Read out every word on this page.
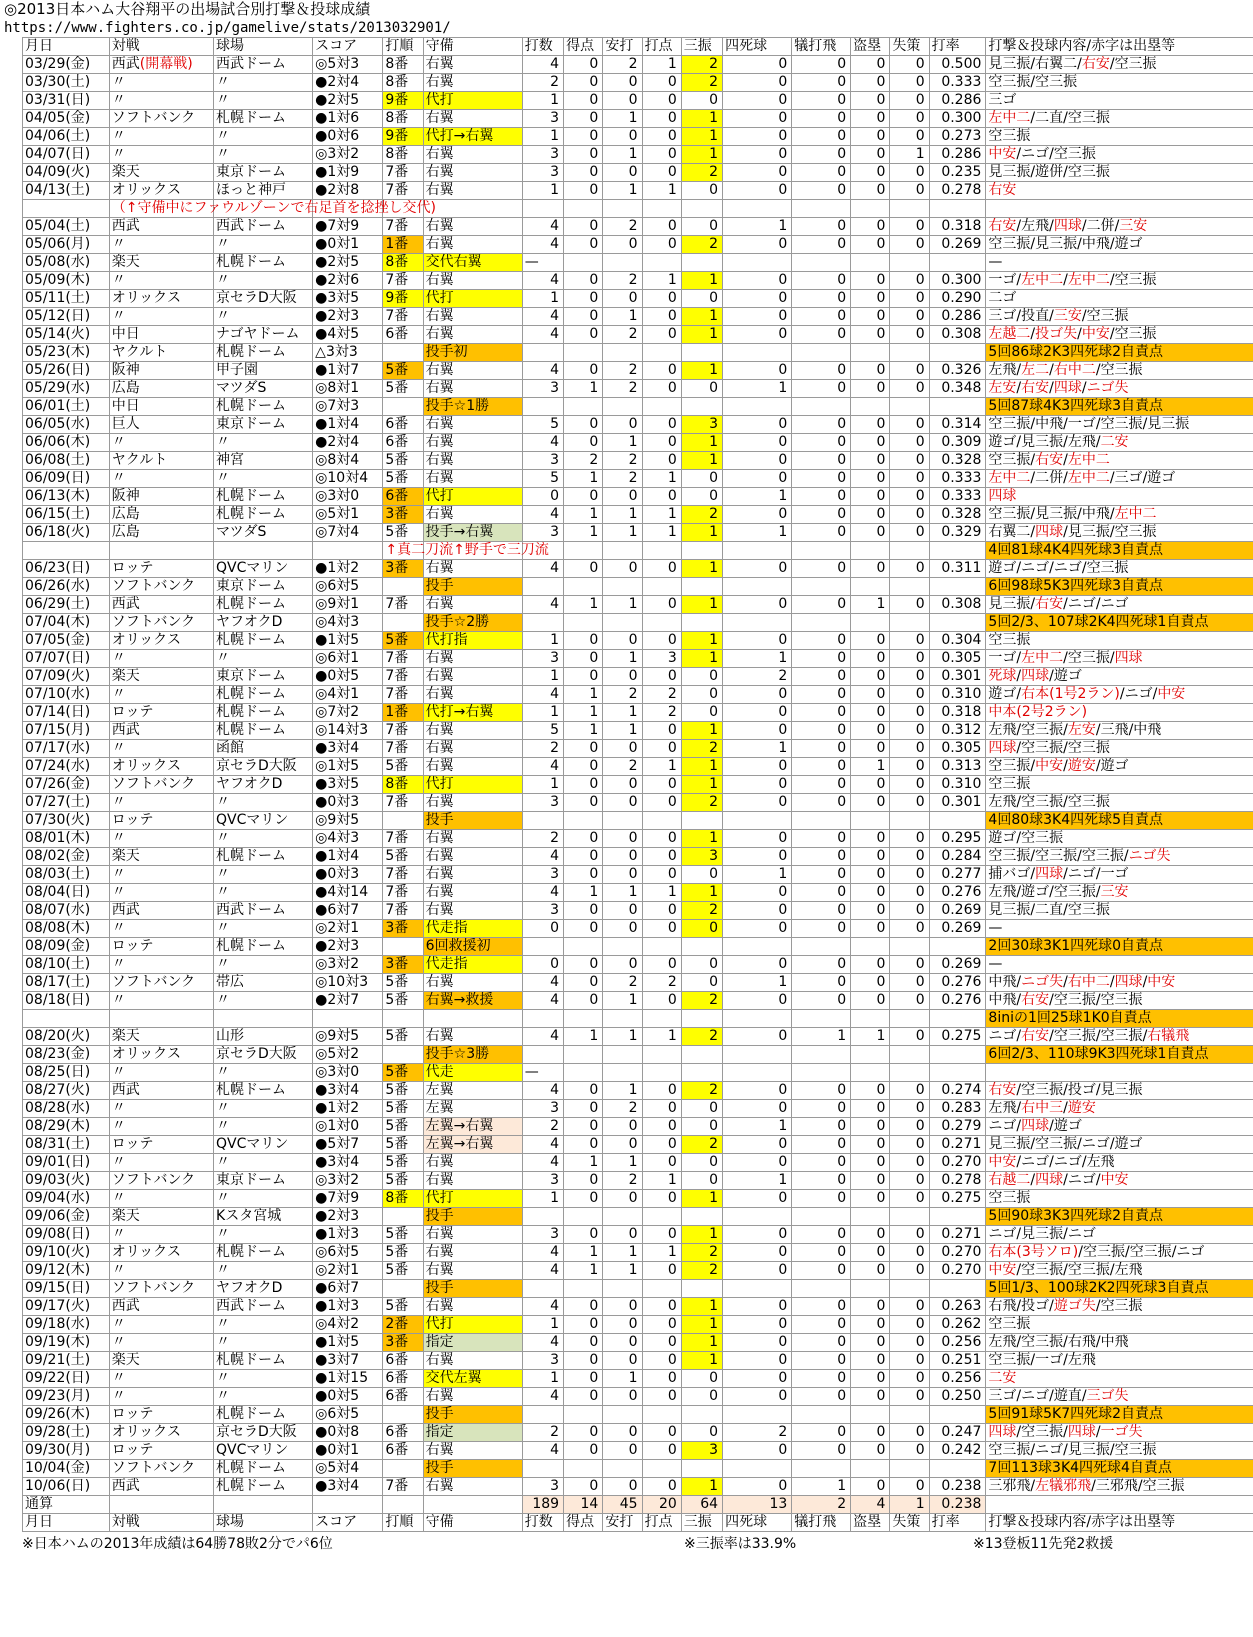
◎2013日本ハム大谷翔平の出場試合別打撃＆投球成績
https://www.fighters.co.jp/gamelive/stats/2013032901/
月日	対戦	球場	スコア	打順	守備	打数	得点	安打	打点	三振	四死球	犠打飛	盗塁	失策	打率	打撃＆投球内容/赤字は出塁等
03/29(金)	西武(開幕戦)	西武ドーム	◎5対3	8番	右翼	4	0	2	1	2	0	0	0	0	0.500	見三振/右翼二/右安/空三振
03/30(土)	〃	〃	●2対4	8番	右翼	2	0	0	0	2	0	0	0	0	0.333	空三振/空三振
03/31(日)	〃	〃	●2対5	9番	代打	1	0	0	0	0	0	0	0	0	0.286	三ゴ
04/05(金)	ソフトバンク	札幌ドーム	●1対6	8番	右翼	3	0	1	0	1	0	0	0	0	0.300	左中二/二直/空三振
04/06(土)	〃	〃	●0対6	9番	代打→右翼	1	0	0	0	1	0	0	0	0	0.273	空三振
04/07(日)	〃	〃	◎3対2	8番	右翼	3	0	1	0	1	0	0	0	1	0.286	中安/ニゴ/空三振
04/09(火)	楽天	東京ドーム	●1対9	7番	右翼	3	0	0	0	2	0	0	0	0	0.235	見三振/遊併/空三振
04/13(土)	オリックス	ほっと神戸	●2対8	7番	右翼	1	0	1	1	0	0	0	0	0	0.278	右安
	（↑守備中にファウルゾーンで右足首を捻挫し交代)															
05/04(土)	西武	西武ドーム	●7対9	7番	右翼	4	0	2	0	0	1	0	0	0	0.318	右安/左飛/四球/二併/三安
05/06(月)	〃	〃	●0対1	1番	右翼	4	0	0	0	2	0	0	0	0	0.269	空三振/見三振/中飛/遊ゴ
05/08(水)	楽天	札幌ドーム	●2対5	8番	交代右翼	—										—
05/09(木)	〃	〃	●2対6	7番	右翼	4	0	2	1	1	0	0	0	0	0.300	一ゴ/左中二/左中二/空三振
05/11(土)	オリックス	京セラD大阪	●3対5	9番	代打	1	0	0	0	0	0	0	0	0	0.290	二ゴ
05/12(日)	〃	〃	●2対3	7番	右翼	4	0	1	0	1	0	0	0	0	0.286	三ゴ/投直/三安/空三振
05/14(火)	中日	ナゴヤドーム	●4対5	6番	右翼	4	0	2	0	1	0	0	0	0	0.308	左越二/投ゴ失/中安/空三振
05/23(木)	ヤクルト	札幌ドーム	△3対3		投手初											5回86球2K3四死球2自責点
05/26(日)	阪神	甲子園	●1対7	5番	右翼	4	0	2	0	1	0	0	0	0	0.326	左飛/左二/右中二/空三振
05/29(水)	広島	マツダS	◎8対1	5番	右翼	3	1	2	0	0	1	0	0	0	0.348	左安/右安/四球/ニゴ失
06/01(土)	中日	札幌ドーム	◎7対3		投手☆1勝											5回87球4K3四死球3自責点
06/05(水)	巨人	東京ドーム	●1対4	6番	右翼	5	0	0	0	3	0	0	0	0	0.314	空三振/中飛/一ゴ/空三振/見三振
06/06(木)	〃	〃	●2対4	6番	右翼	4	0	1	0	1	0	0	0	0	0.309	遊ゴ/見三振/左飛/二安
06/08(土)	ヤクルト	神宮	◎8対4	5番	右翼	3	2	2	0	1	0	0	0	0	0.328	空三振/右安/左中二
06/09(日)	〃	〃	◎10対4	5番	右翼	5	1	2	1	0	0	0	0	0	0.333	左中二/二併/左中二/三ゴ/遊ゴ
06/13(木)	阪神	札幌ドーム	◎3対0	6番	代打	0	0	0	0	0	1	0	0	0	0.333	四球
06/15(土)	広島	札幌ドーム	◎5対1	3番	右翼	4	1	1	1	2	0	0	0	0	0.328	空三振/見三振/中飛/左中二
06/18(火)	広島	マツダS	◎7対4	5番	投手→右翼	3	1	1	1	1	1	0	0	0	0.329	右翼二/四球/見三振/空三振
				↑真二刀流↑野手で三刀流												4回81球4K4四死球3自責点
06/23(日)	ロッテ	QVCマリン	●1対2	3番	右翼	4	0	0	0	1	0	0	0	0	0.311	遊ゴ/ニゴ/ニゴ/空三振
06/26(水)	ソフトバンク	東京ドーム	◎6対5		投手											6回98球5K3四死球3自責点
06/29(土)	西武	札幌ドーム	◎9対1	7番	右翼	4	1	1	0	1	0	0	1	0	0.308	見三振/右安/ニゴ/ニゴ
07/04(木)	ソフトバンク	ヤフオクD	◎4対3		投手☆2勝											5回2/3、107球2K4四死球1自責点
07/05(金)	オリックス	札幌ドーム	●1対5	5番	代打指	1	0	0	0	1	0	0	0	0	0.304	空三振
07/07(日)	〃	〃	◎6対1	7番	右翼	3	0	1	3	1	1	0	0	0	0.305	一ゴ/左中二/空三振/四球
07/09(火)	楽天	東京ドーム	●0対5	7番	右翼	1	0	0	0	0	2	0	0	0	0.301	死球/四球/遊ゴ
07/10(水)	〃	札幌ドーム	◎4対1	7番	右翼	4	1	2	2	0	0	0	0	0	0.310	遊ゴ/右本(1号2ラン)/ニゴ/中安
07/14(日)	ロッテ	札幌ドーム	◎7対2	1番	代打→右翼	1	1	1	2	0	0	0	0	0	0.318	中本(2号2ラン)
07/15(月)	西武	札幌ドーム	◎14対3	7番	右翼	5	1	1	0	1	0	0	0	0	0.312	左飛/空三振/左安/三飛/中飛
07/17(水)	〃	函館	●3対4	7番	右翼	2	0	0	0	2	1	0	0	0	0.305	四球/空三振/空三振
07/24(水)	オリックス	京セラD大阪	◎1対5	5番	右翼	4	0	2	1	1	0	0	1	0	0.313	空三振/中安/遊安/遊ゴ
07/26(金)	ソフトバンク	ヤフオクD	●3対5	8番	代打	1	0	0	0	1	0	0	0	0	0.310	空三振
07/27(土)	〃	〃	●0対3	7番	右翼	3	0	0	0	2	0	0	0	0	0.301	左飛/空三振/空三振
07/30(火)	ロッテ	QVCマリン	◎9対5		投手											4回80球3K4四死球5自責点
08/01(木)	〃	〃	◎4対3	7番	右翼	2	0	0	0	1	0	0	0	0	0.295	遊ゴ/空三振
08/02(金)	楽天	札幌ドーム	●1対4	5番	右翼	4	0	0	0	3	0	0	0	0	0.284	空三振/空三振/空三振/ニゴ失
08/03(土)	〃	〃	●0対3	7番	右翼	3	0	0	0	0	1	0	0	0	0.277	捕バゴ/四球/ニゴ/一ゴ
08/04(日)	〃	〃	●4対14	7番	右翼	4	1	1	1	1	0	0	0	0	0.276	左飛/遊ゴ/空三振/三安
08/07(水)	西武	西武ドーム	●6対7	7番	右翼	3	0	0	0	2	0	0	0	0	0.269	見三振/二直/空三振
08/08(木)	〃	〃	◎2対1	3番	代走指	0	0	0	0	0	0	0	0	0	0.269	—
08/09(金)	ロッテ	札幌ドーム	●2対3		6回救援初											2回30球3K1四死球0自責点
08/10(土)	〃	〃	◎3対2	3番	代走指	0	0	0	0	0	0	0	0	0	0.269	—
08/17(土)	ソフトバンク	帯広	◎10対3	5番	右翼	4	0	2	2	0	1	0	0	0	0.276	中飛/ニゴ失/右中二/四球/中安
08/18(日)	〃	〃	●2対7	5番	右翼→救援	4	0	1	0	2	0	0	0	0	0.276	中飛/右安/空三振/空三振
																8iniの1回25球1K0自責点
08/20(火)	楽天	山形	◎9対5	5番	右翼	4	1	1	1	2	0	1	1	0	0.275	ニゴ/右安/空三振/空三振/右犠飛
08/23(金)	オリックス	京セラD大阪	◎5対2		投手☆3勝											6回2/3、110球9K3四死球1自責点
08/25(日)	〃	〃	◎3対0	5番	代走	—										
08/27(火)	西武	札幌ドーム	●3対4	5番	左翼	4	0	1	0	2	0	0	0	0	0.274	右安/空三振/投ゴ/見三振
08/28(水)	〃	〃	●1対2	5番	左翼	3	0	2	0	0	0	0	0	0	0.283	左飛/右中三/遊安
08/29(木)	〃	〃	◎1対0	5番	左翼→右翼	2	0	0	0	0	1	0	0	0	0.279	ニゴ/四球/遊ゴ
08/31(土)	ロッテ	QVCマリン	●5対7	5番	左翼→右翼	4	0	0	0	2	0	0	0	0	0.271	見三振/空三振/ニゴ/遊ゴ
09/01(日)	〃	〃	●3対4	5番	右翼	4	1	1	0	0	0	0	0	0	0.270	中安/ニゴ/ニゴ/左飛
09/03(火)	ソフトバンク	東京ドーム	◎3対2	5番	右翼	3	0	2	1	0	1	0	0	0	0.278	右越二/四球/ニゴ/中安
09/04(水)	〃	〃	●7対9	8番	代打	1	0	0	0	1	0	0	0	0	0.275	空三振
09/06(金)	楽天	Kスタ宮城	●2対3		投手											5回90球3K3四死球2自責点
09/08(日)	〃	〃	●1対3	5番	右翼	3	0	0	0	1	0	0	0	0	0.271	ニゴ/見三振/ニゴ
09/10(火)	オリックス	札幌ドーム	◎6対5	5番	右翼	4	1	1	1	2	0	0	0	0	0.270	右本(3号ソロ)/空三振/空三振/ニゴ
09/12(木)	〃	〃	◎2対1	5番	右翼	4	1	1	0	2	0	0	0	0	0.270	中安/空三振/空三振/左飛
09/15(日)	ソフトバンク	ヤフオクD	●6対7		投手											5回1/3、100球2K2四死球3自責点
09/17(火)	西武	西武ドーム	●1対3	5番	右翼	4	0	0	0	1	0	0	0	0	0.263	右飛/投ゴ/遊ゴ失/空三振
09/18(水)	〃	〃	◎4対2	2番	代打	1	0	0	0	1	0	0	0	0	0.262	空三振
09/19(木)	〃	〃	●1対5	3番	指定	4	0	0	0	1	0	0	0	0	0.256	左飛/空三振/右飛/中飛
09/21(土)	楽天	札幌ドーム	●3対7	6番	右翼	3	0	0	0	1	0	0	0	0	0.251	空三振/一ゴ/左飛
09/22(日)	〃	〃	●1対15	6番	交代左翼	1	0	1	0	0	0	0	0	0	0.256	二安
09/23(月)	〃	〃	●0対5	6番	右翼	4	0	0	0	0	0	0	0	0	0.250	三ゴ/ニゴ/遊直/三ゴ失
09/26(木)	ロッテ	札幌ドーム	◎6対5		投手											5回91球5K7四死球2自責点
09/28(土)	オリックス	京セラD大阪	●0対8	6番	指定	2	0	0	0	0	2	0	0	0	0.247	四球/空三振/四球/一ゴ失
09/30(月)	ロッテ	QVCマリン	●0対1	6番	右翼	4	0	0	0	3	0	0	0	0	0.242	空三振/ニゴ/見三振/空三振
10/04(金)	ソフトバンク	札幌ドーム	◎5対4		投手											7回113球3K4四死球4自責点
10/06(日)	西武	札幌ドーム	●3対4	7番	右翼	3	0	0	0	1	0	1	0	0	0.238	三邪飛/左犠邪飛/三邪飛/空三振
通算						189	14	45	20	64	13	2	4	1	0.238	
月日	対戦	球場	スコア	打順	守備	打数	得点	安打	打点	三振	四死球	犠打飛	盗塁	失策	打率	打撃＆投球内容/赤字は出塁等
※日本ハムの2013年成績は64勝78敗2分でパ6位	※三振率は33.9%	※13登板11先発2救援
